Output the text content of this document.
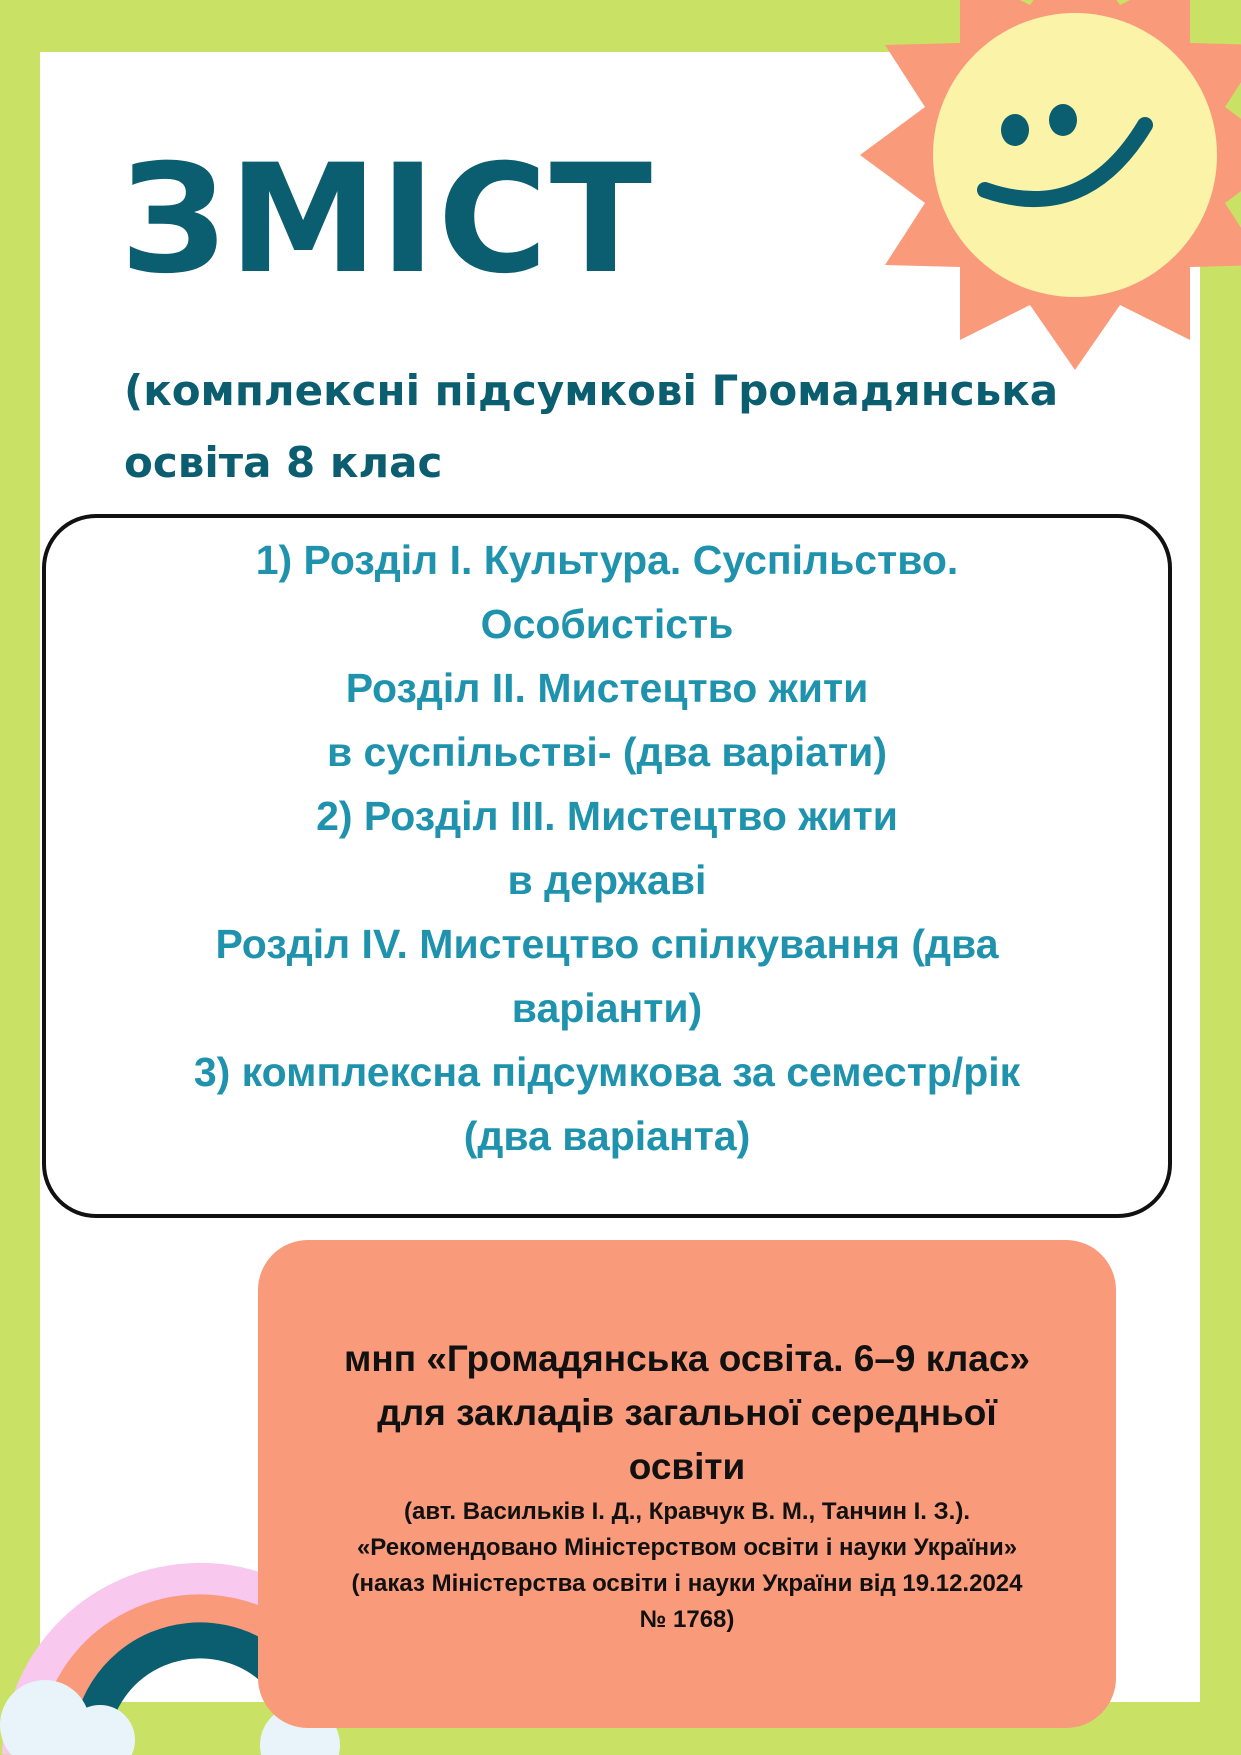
ЗМІСТ
(комплексні підсумкові Громадянська
освіта 8 клас
1) Розділ І. Культура. Суспільство.
Особистість
Розділ ІІ. Мистецтво жити
в суспільстві- (два варіати)
2) Розділ ІІІ. Мистецтво жити
в державі
Розділ IV. Мистецтво спілкування (два
варіанти)
3) комплексна підсумкова за семестр/рік
(два варіанта)
мнп «Громадянська освіта. 6–9 клас»
для закладів загальної середньої
освіти
(авт. Васильків І. Д., Кравчук В. М., Танчин І. З.).
«Рекомендовано Міністерством освіти і науки України»
(наказ Міністерства освіти і науки України від 19.12.2024
№ 1768)
